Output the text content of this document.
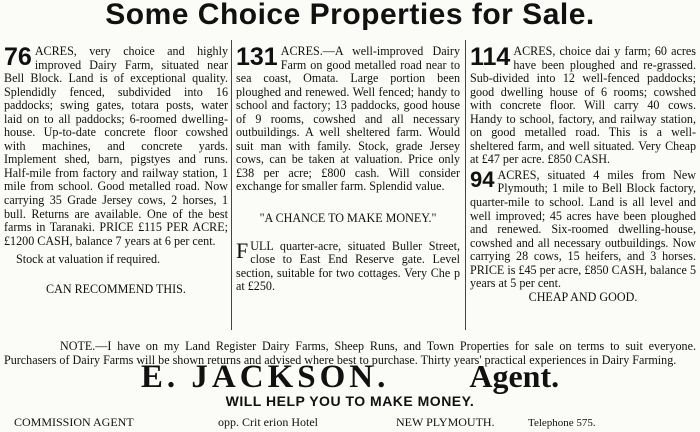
Some Choice Properties for Sale.

76 ACRES, very choice and highly improved Dairy Farm, situated near Bell Block. Land is of exceptional quality. Splendidly fenced, subdivided into 16 paddocks; swing gates, totara posts, water laid on to all paddocks; 6-roomed dwelling-house. Up-to-date concrete floor cowshed with machines, and concrete yards. Implement shed, barn, pigstyes and runs. Half-mile from factory and railway station, 1 mile from school. Good metalled road. Now carrying 35 Grade Jersey cows, 2 horses, 1 bull. Returns are available. One of the best farms in Taranaki. PRICE £115 PER ACRE; £1200 CASH, balance 7 years at 6 per cent.

Stock at valuation if required.

CAN RECOMMEND THIS.

131 ACRES.—A well-improved Dairy Farm on good metalled road near to sea coast, Omata. Large portion been ploughed and renewed. Well fenced; handy to school and factory; 13 paddocks, good house of 9 rooms, cowshed and all necessary outbuildings. A well sheltered farm. Would suit man with family. Stock, grade Jersey cows, can be taken at valuation. Price only £38 per acre; £800 cash. Will consider exchange for smaller farm. Splendid value.

"A CHANCE TO MAKE MONEY."

F ULL quarter-acre, situated Buller Street, close to East End Reserve gate. Level section, suitable for two cottages. Very Che p at £250.

114 ACRES, choice dai y farm; 60 acres have been ploughed and re-grassed. Sub-divided into 12 well-fenced paddocks; good dwelling house of 6 rooms; cowshed with concrete floor. Will carry 40 cows. Handy to school, factory, and railway station, on good metalled road. This is a well-sheltered farm, and well situated. Very Cheap at £47 per acre. £850 CASH.

94 ACRES, situated 4 miles from New Plymouth; 1 mile to Bell Block factory, quarter-mile to school. Land is all level and well improved; 45 acres have been ploughed and renewed. Six-roomed dwelling-house, cowshed and all necessary outbuildings. Now carrying 28 cows, 15 heifers, and 3 horses. PRICE is £45 per acre, £850 CASH, balance 5 years at 5 per cent.

CHEAP AND GOOD.

NOTE.—I have on my Land Register Dairy Farms, Sheep Runs, and Town Properties for sale on terms to suit everyone. Purchasers of Dairy Farms will be shown returns and advised where best to purchase. Thirty years' practical experiences in Dairy Farming.

E. JACKSON.	Agent.
WILL HELP YOU TO MAKE MONEY.
COMMISSION AGENT	opp. Crit erion Hotel	NEW PLYMOUTH.	Telephone 575.
